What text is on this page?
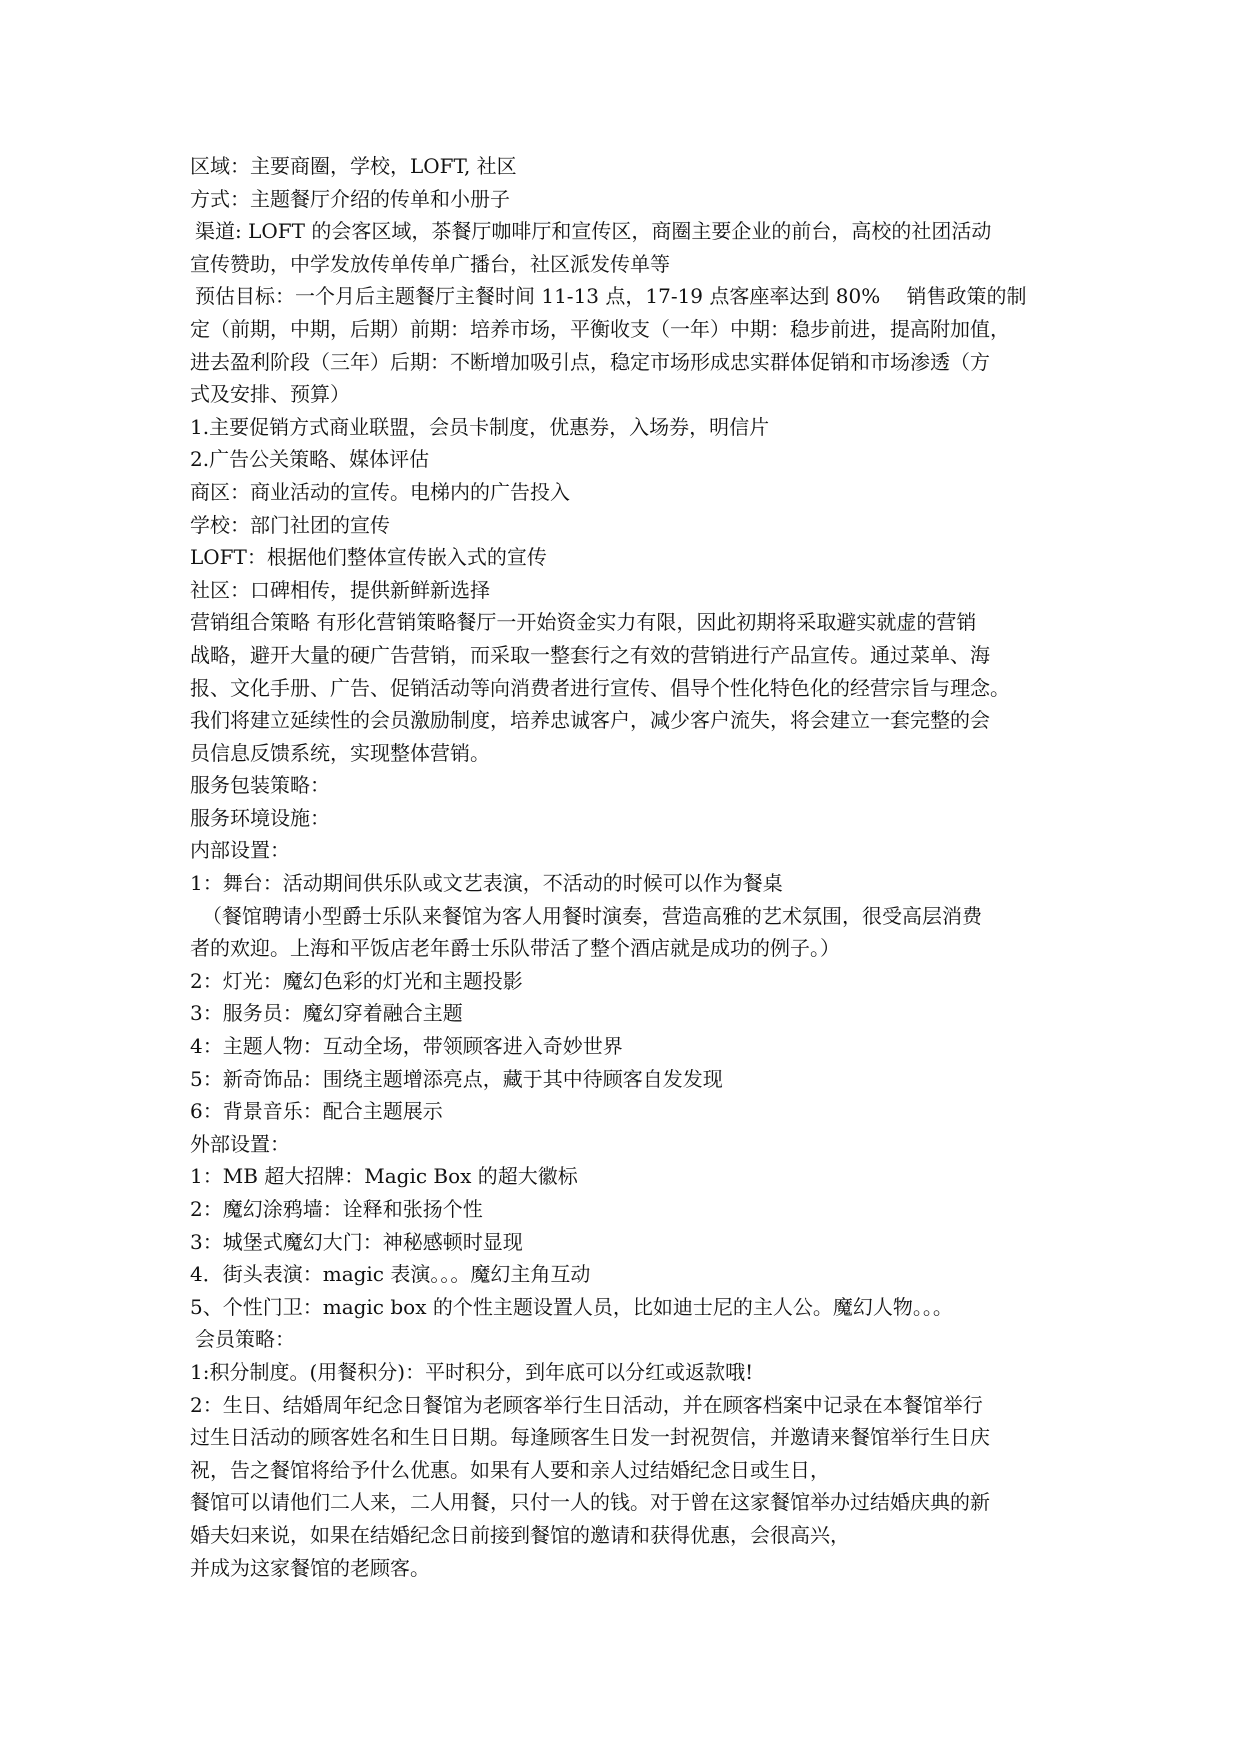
区域：主要商圈，学校，LOFT, 社区
方式：主题餐厅介绍的传单和小册子
渠道: LOFT 的会客区域，茶餐厅咖啡厅和宣传区，商圈主要企业的前台，高校的社团活动
宣传赞助，中学发放传单传单广播台，社区派发传单等
预估目标：一个月后主题餐厅主餐时间 11-13 点，17-19 点客座率达到 80%　 销售政策的制
定（前期，中期，后期）前期：培养市场，平衡收支（一年）中期：稳步前进，提高附加值，
进去盈利阶段（三年）后期：不断增加吸引点，稳定市场形成忠实群体促销和市场渗透（方
式及安排、预算）
1.主要促销方式商业联盟，会员卡制度，优惠券，入场券，明信片
2.广告公关策略、媒体评估
商区：商业活动的宣传。电梯内的广告投入
学校：部门社团的宣传
LOFT：根据他们整体宣传嵌入式的宣传
社区：口碑相传，提供新鲜新选择
营销组合策略 有形化营销策略餐厅一开始资金实力有限，因此初期将采取避实就虚的营销
战略，避开大量的硬广告营销，而采取一整套行之有效的营销进行产品宣传。通过菜单、海
报、文化手册、广告、促销活动等向消费者进行宣传、倡导个性化特色化的经营宗旨与理念。
我们将建立延续性的会员激励制度，培养忠诚客户，减少客户流失，将会建立一套完整的会
员信息反馈系统，实现整体营销。
服务包装策略：
服务环境设施：
内部设置：
1：舞台：活动期间供乐队或文艺表演，不活动的时候可以作为餐桌
（餐馆聘请小型爵士乐队来餐馆为客人用餐时演奏，营造高雅的艺术氛围，很受高层消费
者的欢迎。上海和平饭店老年爵士乐队带活了整个酒店就是成功的例子。）
2：灯光：魔幻色彩的灯光和主题投影
3：服务员：魔幻穿着融合主题
4：主题人物：互动全场，带领顾客进入奇妙世界
5：新奇饰品：围绕主题增添亮点，藏于其中待顾客自发发现
6：背景音乐：配合主题展示
外部设置：
1：MB 超大招牌：Magic Box 的超大徽标
2：魔幻涂鸦墙：诠释和张扬个性
3：城堡式魔幻大门：神秘感顿时显现
4．街头表演：magic 表演。。。魔幻主角互动
5、个性门卫：magic box 的个性主题设置人员，比如迪士尼的主人公。魔幻人物。。。
会员策略：
1:积分制度。(用餐积分)：平时积分，到年底可以分红或返款哦!
2：生日、结婚周年纪念日餐馆为老顾客举行生日活动，并在顾客档案中记录在本餐馆举行
过生日活动的顾客姓名和生日日期。每逢顾客生日发一封祝贺信，并邀请来餐馆举行生日庆
祝，告之餐馆将给予什么优惠。如果有人要和亲人过结婚纪念日或生日，
餐馆可以请他们二人来，二人用餐，只付一人的钱。对于曾在这家餐馆举办过结婚庆典的新
婚夫妇来说，如果在结婚纪念日前接到餐馆的邀请和获得优惠，会很高兴，
并成为这家餐馆的老顾客。
